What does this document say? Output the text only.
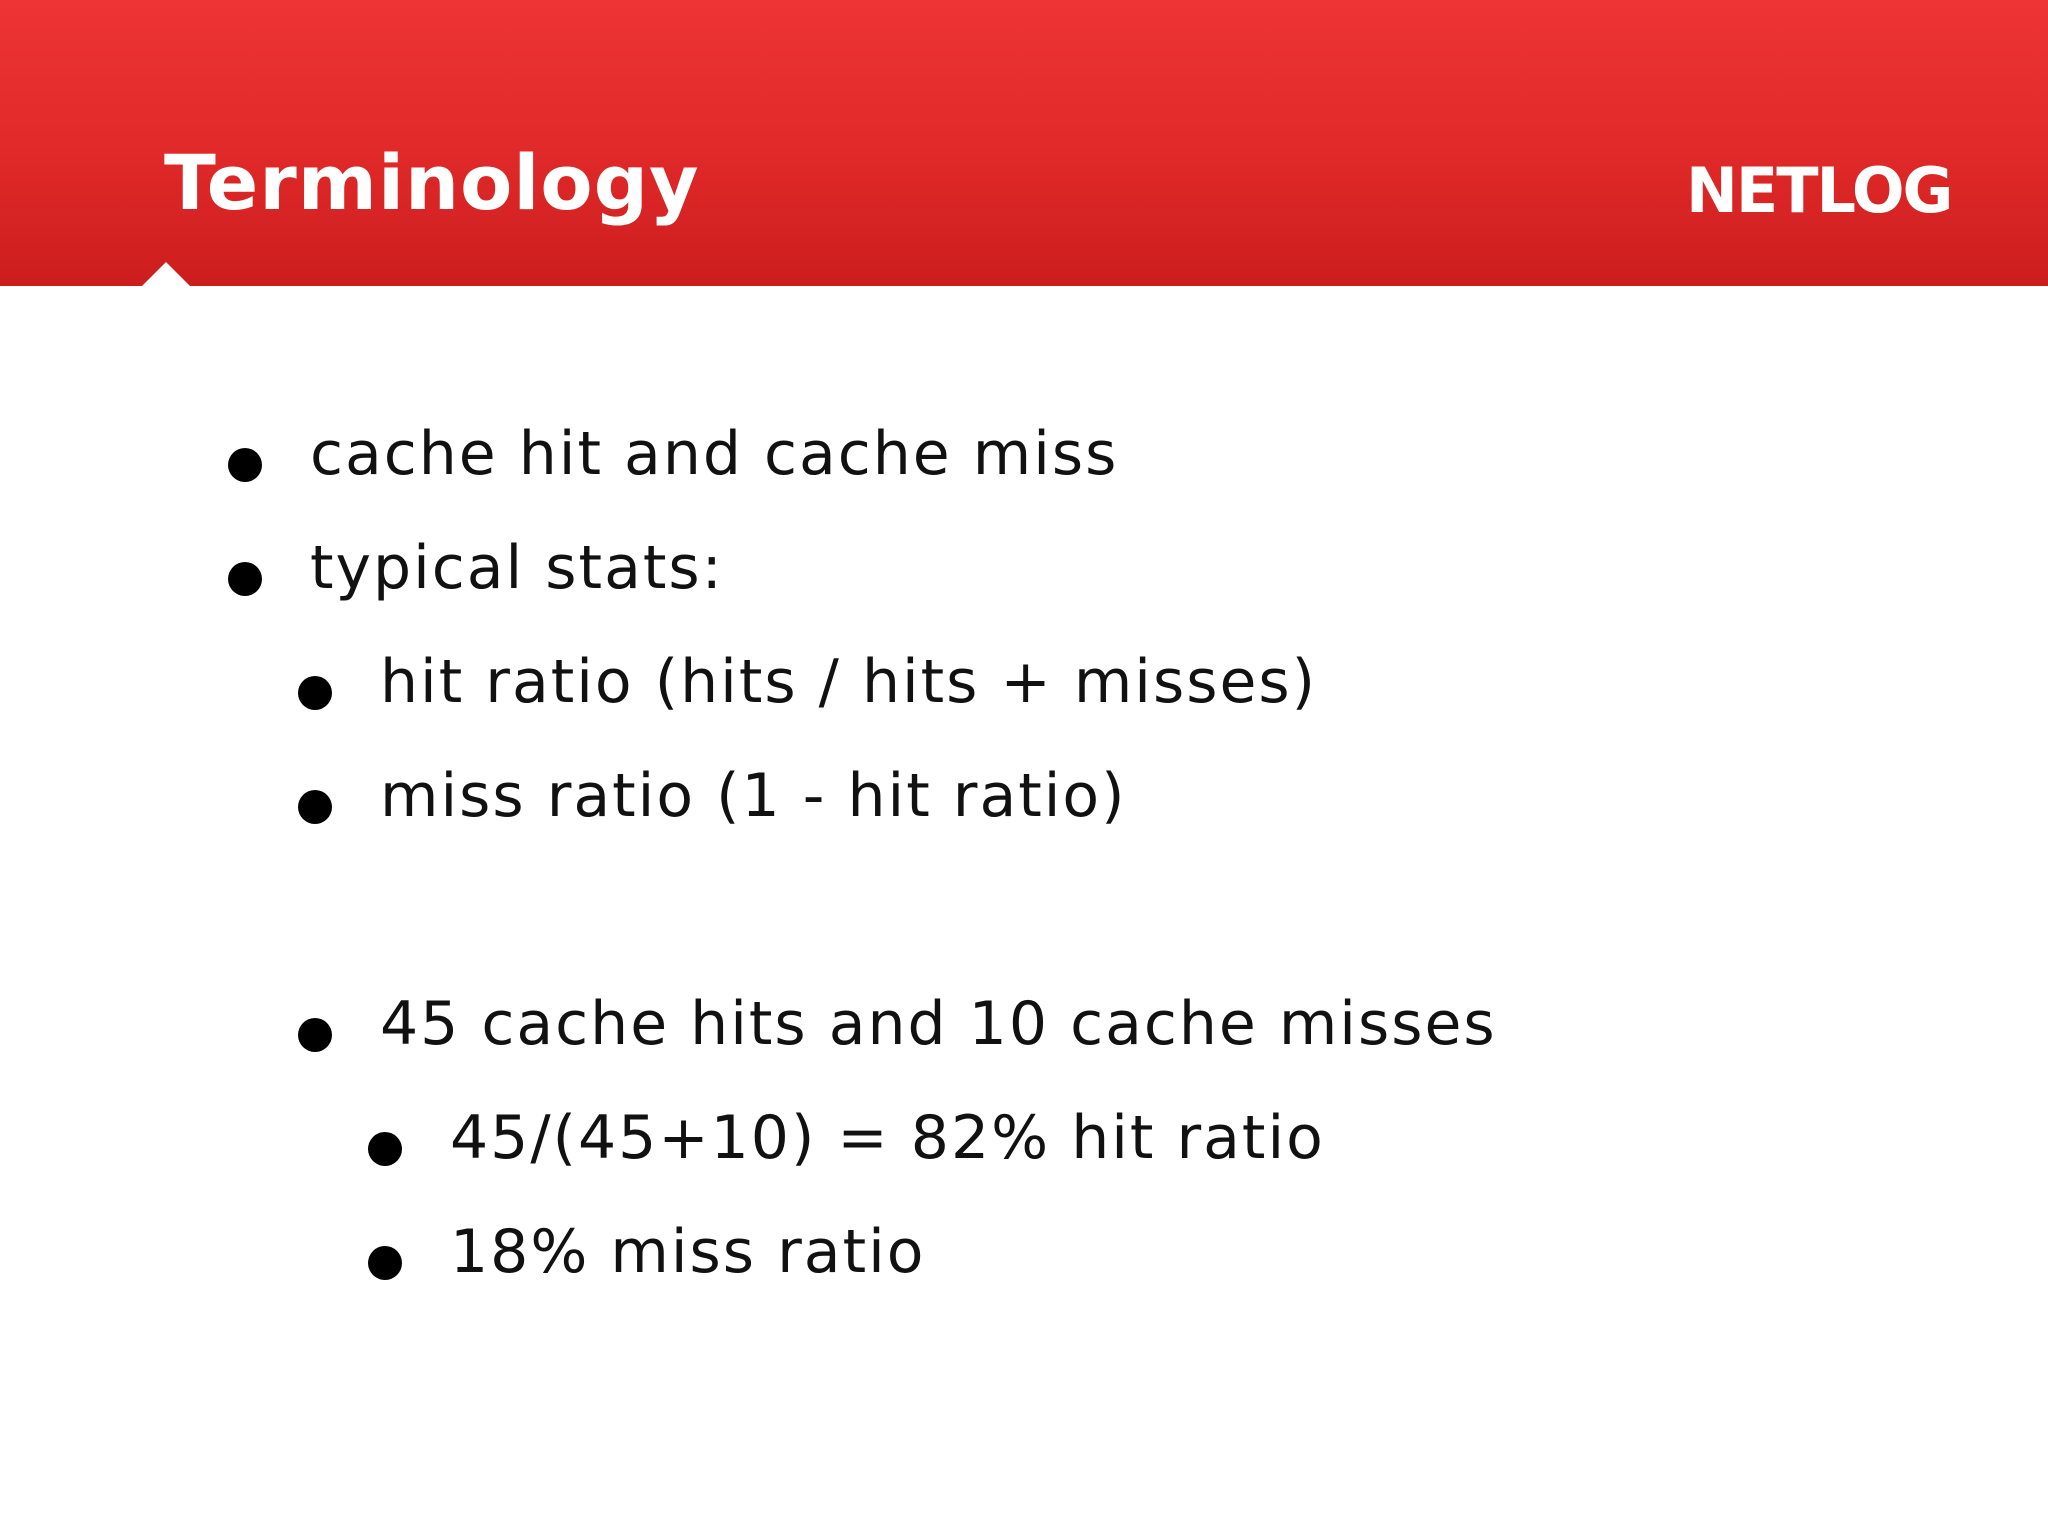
Terminology	NETLOG
cache hit and cache miss
typical stats:
hit ratio (hits / hits + misses)
miss ratio (1 - hit ratio)
45 cache hits and 10 cache misses
45/(45+10) = 82% hit ratio
18% miss ratio
